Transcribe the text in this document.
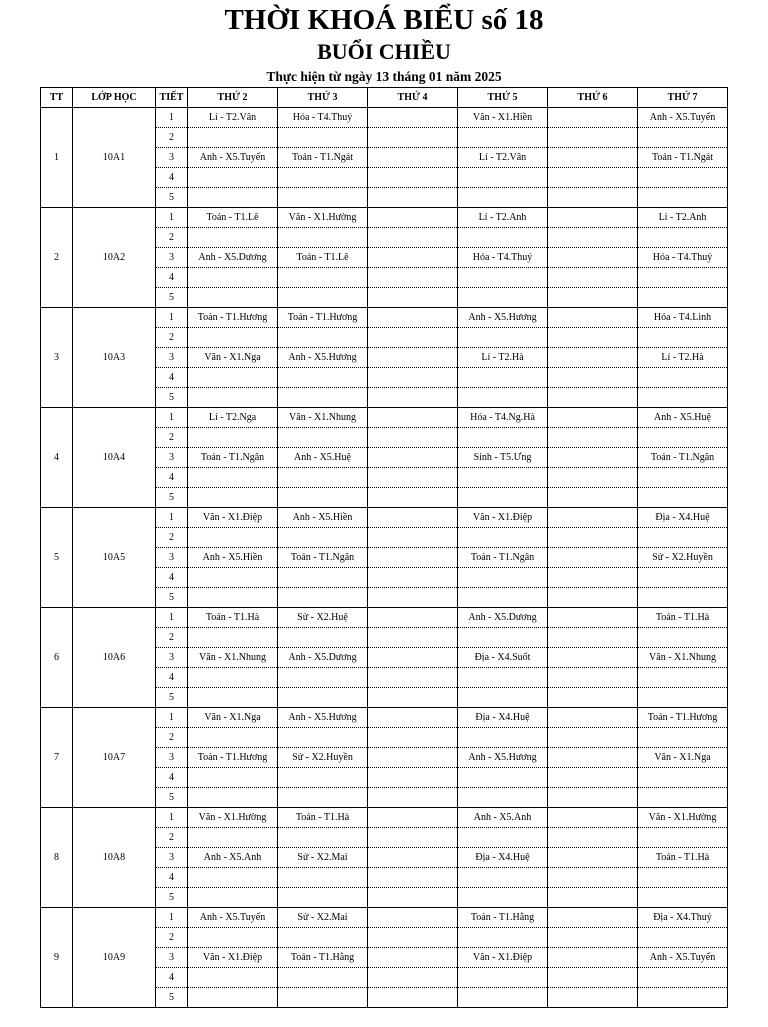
THỜI KHOÁ BIỂU số 18
BUỔI CHIỀU
Thực hiện từ ngày 13 tháng 01 năm 2025
TT	LỚP HỌC	TIẾT	THỨ 2	THỨ 3	THỨ 4	THỨ 5	THỨ 6	THỨ 7
1	10A1	1	Lí - T2.Vân	Hóa - T4.Thuý		Văn - X1.Hiền		Anh - X5.Tuyến
		2						
		3	Anh - X5.Tuyến	Toán - T1.Ngát		Lí - T2.Vân		Toán - T1.Ngát
		4						
		5						
2	10A2	1	Toán - T1.Lê	Văn - X1.Hường		Lí - T2.Anh		Lí - T2.Anh
		2						
		3	Anh - X5.Dương	Toán - T1.Lê		Hóa - T4.Thuý		Hóa - T4.Thuý
		4						
		5						
3	10A3	1	Toán - T1.Hương	Toán - T1.Hương		Anh - X5.Hương		Hóa - T4.Linh
		2						
		3	Văn - X1.Nga	Anh - X5.Hương		Lí - T2.Hà		Lí - T2.Hà
		4						
		5						
4	10A4	1	Lí - T2.Nga	Văn - X1.Nhung		Hóa - T4.Ng.Hà		Anh - X5.Huệ
		2						
		3	Toán - T1.Ngân	Anh - X5.Huệ		Sinh - T5.Ưng		Toán - T1.Ngân
		4						
		5						
5	10A5	1	Văn - X1.Điệp	Anh - X5.Hiền		Văn - X1.Điệp		Địa - X4.Huệ
		2						
		3	Anh - X5.Hiền	Toán - T1.Ngân		Toán - T1.Ngân		Sử - X2.Huyền
		4						
		5						
6	10A6	1	Toán - T1.Hà	Sử - X2.Huệ		Anh - X5.Dương		Toán - T1.Hà
		2						
		3	Văn - X1.Nhung	Anh - X5.Dương		Địa - X4.Suốt		Văn - X1.Nhung
		4						
		5						
7	10A7	1	Văn - X1.Nga	Anh - X5.Hương		Địa - X4.Huệ		Toán - T1.Hương
		2						
		3	Toán - T1.Hương	Sử - X2.Huyền		Anh - X5.Hương		Văn - X1.Nga
		4						
		5						
8	10A8	1	Văn - X1.Hường	Toán - T1.Hà		Anh - X5.Anh		Văn - X1.Hường
		2						
		3	Anh - X5.Anh	Sử - X2.Mai		Địa - X4.Huệ		Toán - T1.Hà
		4						
		5						
9	10A9	1	Anh - X5.Tuyến	Sử - X2.Mai		Toán - T1.Hằng		Địa - X4.Thuý
		2						
		3	Văn - X1.Điệp	Toán - T1.Hằng		Văn - X1.Điệp		Anh - X5.Tuyến
		4						
		5						
